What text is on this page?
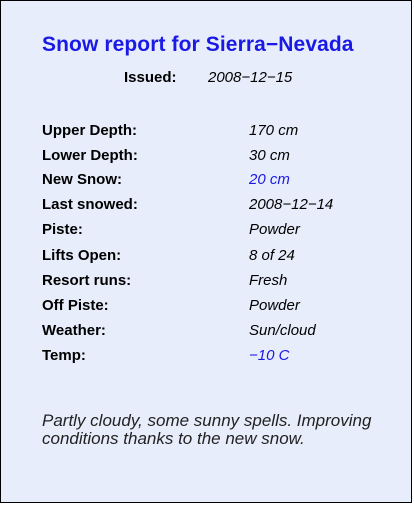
Snow report for Sierra−Nevada
Issued: 2008−12−15
Upper Depth:	170 cm
Lower Depth:	30 cm
New Snow:	20 cm
Last snowed:	2008−12−14
Piste:	Powder
Lifts Open:	8 of 24
Resort runs:	Fresh
Off Piste:	Powder
Weather:	Sun/cloud
Temp:	−10 C
Partly cloudy, some sunny spells. Improving conditions thanks to the new snow.
